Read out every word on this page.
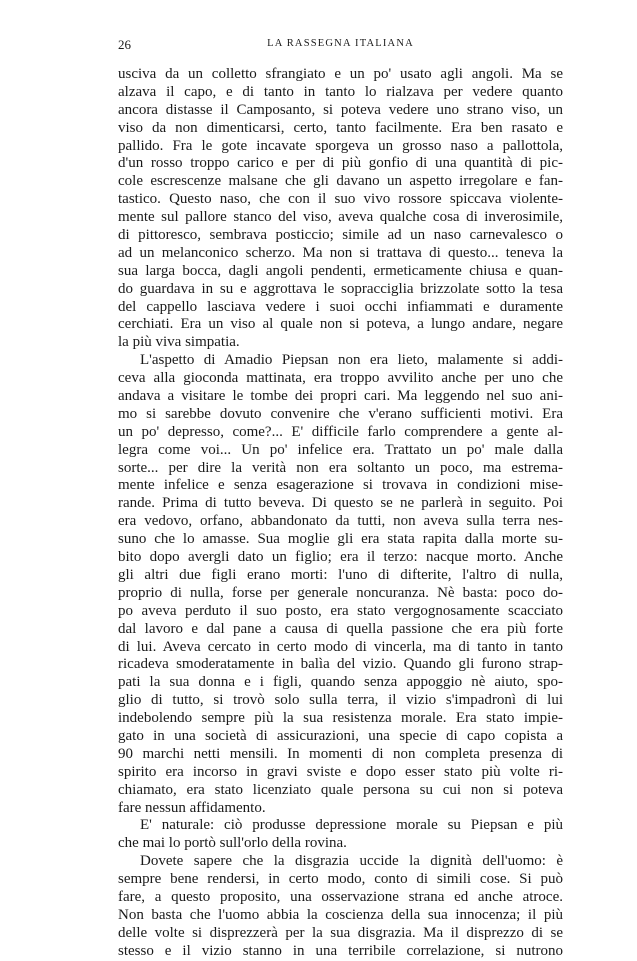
26	LA RASSEGNA ITALIANA
usciva da un colletto sfrangiato e un po' usato agli angoli. Ma se
alzava il capo, e di tanto in tanto lo rialzava per vedere quanto
ancora distasse il Camposanto, si poteva vedere uno strano viso, un
viso da non dimenticarsi, certo, tanto facilmente. Era ben rasato e
pallido. Fra le gote incavate sporgeva un grosso naso a pallottola,
d'un rosso troppo carico e per di più gonfio di una quantità di pic-
cole escrescenze malsane che gli davano un aspetto irregolare e fan-
tastico. Questo naso, che con il suo vivo rossore spiccava violente-
mente sul pallore stanco del viso, aveva qualche cosa di inverosimile,
di pittoresco, sembrava posticcio; simile ad un naso carnevalesco o
ad un melanconico scherzo. Ma non si trattava di questo... teneva la
sua larga bocca, dagli angoli pendenti, ermeticamente chiusa e quan-
do guardava in su e aggrottava le sopracciglia brizzolate sotto la tesa
del cappello lasciava vedere i suoi occhi infiammati e duramente
cerchiati. Era un viso al quale non si poteva, a lungo andare, negare
la più viva simpatia.
L'aspetto di Amadio Piepsan non era lieto, malamente si addi-
ceva alla gioconda mattinata, era troppo avvilito anche per uno che
andava a visitare le tombe dei propri cari. Ma leggendo nel suo ani-
mo si sarebbe dovuto convenire che v'erano sufficienti motivi. Era
un po' depresso, come?... E' difficile farlo comprendere a gente al-
legra come voi... Un po' infelice era. Trattato un po' male dalla
sorte... per dire la verità non era soltanto un poco, ma estrema-
mente infelice e senza esagerazione si trovava in condizioni mise-
rande. Prima di tutto beveva. Di questo se ne parlerà in seguito. Poi
era vedovo, orfano, abbandonato da tutti, non aveva sulla terra nes-
suno che lo amasse. Sua moglie gli era stata rapita dalla morte su-
bito dopo avergli dato un figlio; era il terzo: nacque morto. Anche
gli altri due figli erano morti: l'uno di difterite, l'altro di nulla,
proprio di nulla, forse per generale noncuranza. Nè basta: poco do-
po aveva perduto il suo posto, era stato vergognosamente scacciato
dal lavoro e dal pane a causa di quella passione che era più forte
di lui. Aveva cercato in certo modo di vincerla, ma di tanto in tanto
ricadeva smoderatamente in balìa del vizio. Quando gli furono strap-
pati la sua donna e i figli, quando senza appoggio nè aiuto, spo-
glio di tutto, si trovò solo sulla terra, il vizio s'impadronì di lui
indebolendo sempre più la sua resistenza morale. Era stato impie-
gato in una società di assicurazioni, una specie di capo copista a
90 marchi netti mensili. In momenti di non completa presenza di
spirito era incorso in gravi sviste e dopo esser stato più volte ri-
chiamato, era stato licenziato quale persona su cui non si poteva
fare nessun affidamento.
E' naturale: ciò produsse depressione morale su Piepsan e più
che mai lo portò sull'orlo della rovina.
Dovete sapere che la disgrazia uccide la dignità dell'uomo: è
sempre bene rendersi, in certo modo, conto di simili cose. Si può
fare, a questo proposito, una osservazione strana ed anche atroce.
Non basta che l'uomo abbia la coscienza della sua innocenza; il più
delle volte si disprezzerà per la sua disgrazia. Ma il disprezzo di se
stesso e il vizio stanno in una terribile correlazione, si nutrono
